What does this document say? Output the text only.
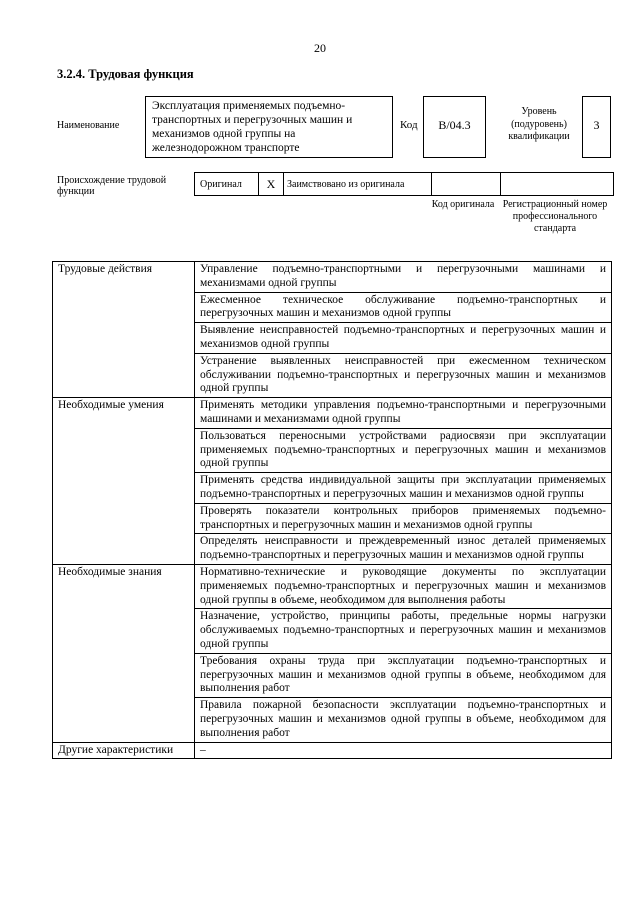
20
3.2.4. Трудовая функция
Наименование
Эксплуатация применяемых подъемно-транспортных и перегрузочных машин и механизмов одной группы на железнодорожном транспорте
Код	B/04.3
Уровень (подуровень) квалификации
3
Происхождение трудовой функции
Оригинал	X	Заимствовано из оригинала		
Код оригинала Регистрационный номер профессионального стандарта
Трудовые действия	Управление подъемно-транспортными и перегрузочными машинами и механизмами одной группы
	Ежесменное техническое обслуживание подъемно-транспортных и перегрузочных машин и механизмов одной группы
	Выявление неисправностей подъемно-транспортных и перегрузочных машин и механизмов одной группы
	Устранение выявленных неисправностей при ежесменном техническом обслуживании подъемно-транспортных и перегрузочных машин и механизмов одной группы
Необходимые умения	Применять методики управления подъемно-транспортными и перегрузочными машинами и механизмами одной группы
	Пользоваться переносными устройствами радиосвязи при эксплуатации применяемых подъемно-транспортных и перегрузочных машин и механизмов одной группы
	Применять средства индивидуальной защиты при эксплуатации применяемых подъемно-транспортных и перегрузочных машин и механизмов одной группы
	Проверять показатели контрольных приборов применяемых подъемно-транспортных и перегрузочных машин и механизмов одной группы
	Определять неисправности и преждевременный износ деталей применяемых подъемно-транспортных и перегрузочных машин и механизмов одной группы
Необходимые знания	Нормативно-технические и руководящие документы по эксплуатации применяемых подъемно-транспортных и перегрузочных машин и механизмов одной группы в объеме, необходимом для выполнения работы
	Назначение, устройство, принципы работы, предельные нормы нагрузки обслуживаемых подъемно-транспортных и перегрузочных машин и механизмов одной группы
	Требования охраны труда при эксплуатации подъемно-транспортных и перегрузочных машин и механизмов одной группы в объеме, необходимом для выполнения работ
	Правила пожарной безопасности эксплуатации подъемно-транспортных и перегрузочных машин и механизмов одной группы в объеме, необходимом для выполнения работ
Другие характеристики	–
